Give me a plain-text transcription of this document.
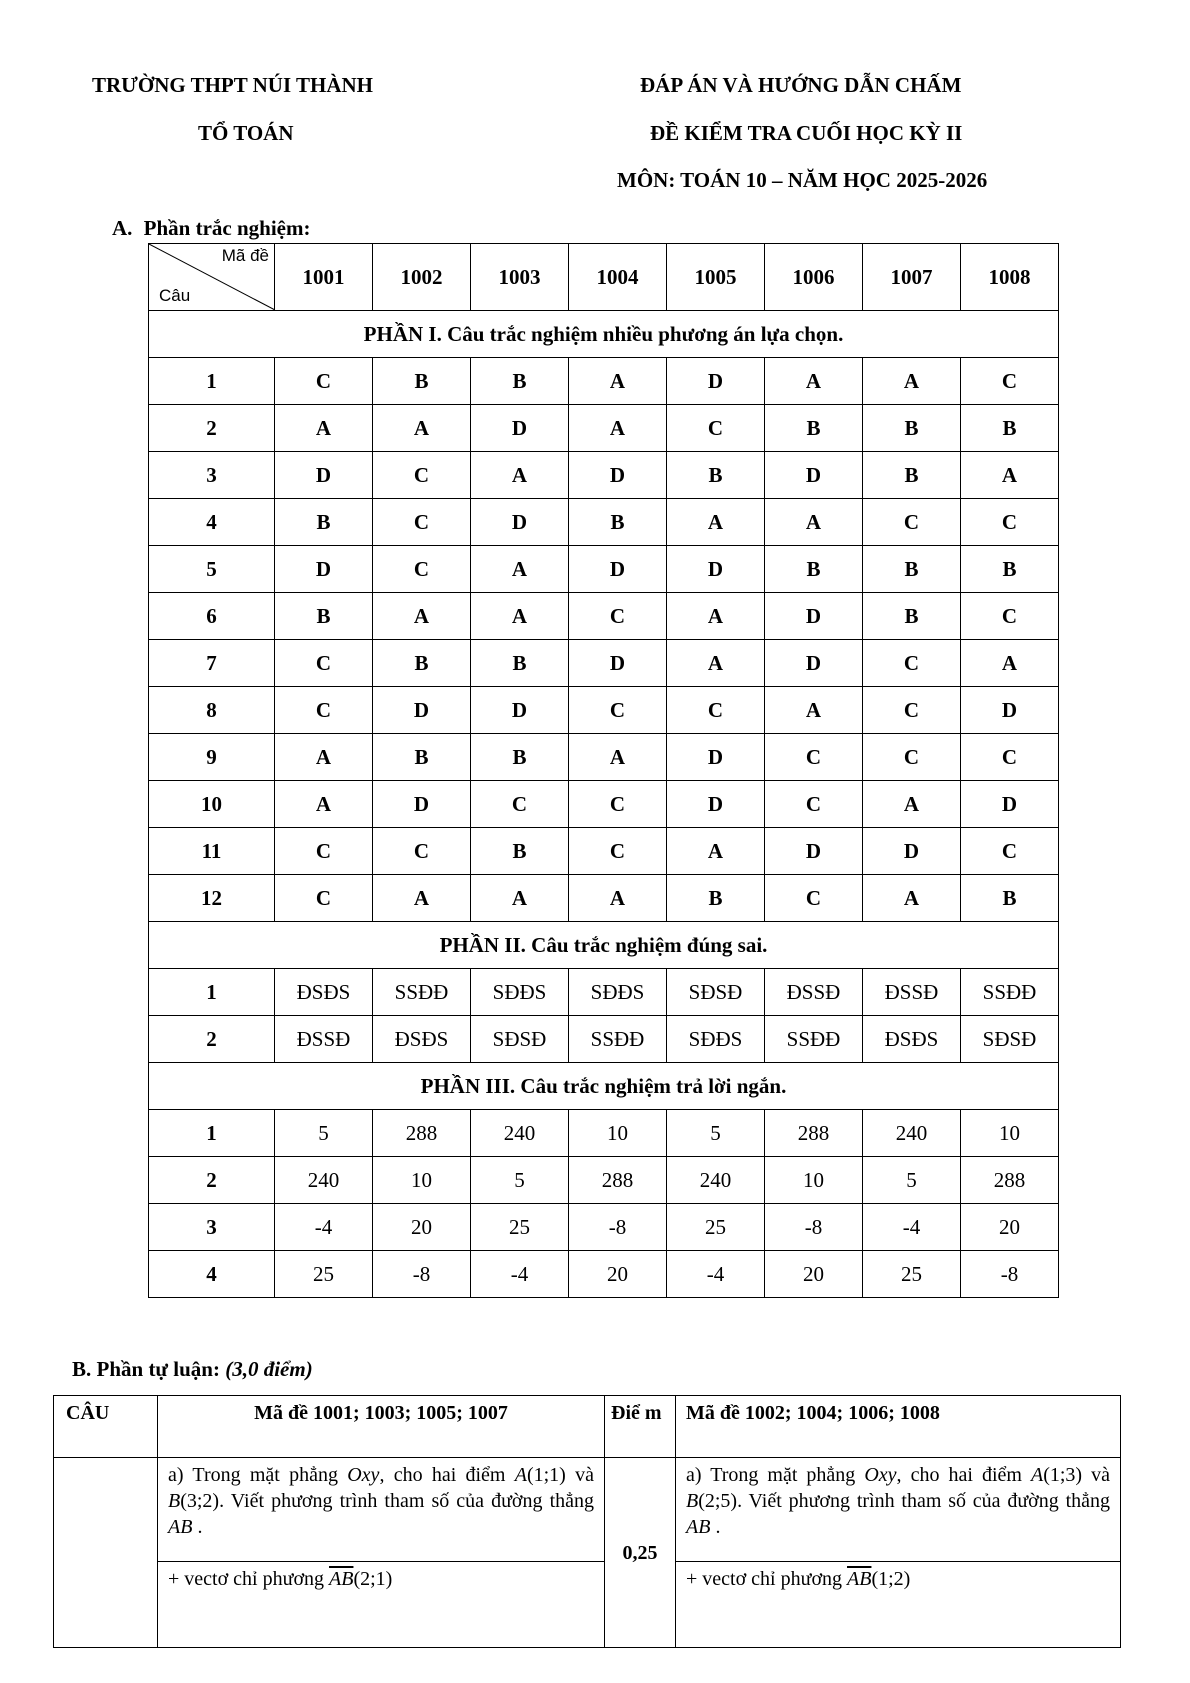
TRƯỜNG THPT NÚI THÀNH
TỔ TOÁN
ĐÁP ÁN VÀ HƯỚNG DẪN CHẤM
ĐỀ KIỂM TRA CUỐI HỌC KỲ II
MÔN: TOÁN 10 – NĂM HỌC 2025-2026
A. Phần trắc nghiệm:
Mã đề
Câu	1001	1002	1003	1004	1005	1006	1007	1008
PHẦN I. Câu trắc nghiệm nhiều phương án lựa chọn.								
1	C	B	B	A	D	A	A	C
2	A	A	D	A	C	B	B	B
3	D	C	A	D	B	D	B	A
4	B	C	D	B	A	A	C	C
5	D	C	A	D	D	B	B	B
6	B	A	A	C	A	D	B	C
7	C	B	B	D	A	D	C	A
8	C	D	D	C	C	A	C	D
9	A	B	B	A	D	C	C	C
10	A	D	C	C	D	C	A	D
11	C	C	B	C	A	D	D	C
12	C	A	A	A	B	C	A	B
PHẦN II. Câu trắc nghiệm đúng sai.								
1	ĐSĐS	SSĐĐ	SĐĐS	SĐĐS	SĐSĐ	ĐSSĐ	ĐSSĐ	SSĐĐ
2	ĐSSĐ	ĐSĐS	SĐSĐ	SSĐĐ	SĐĐS	SSĐĐ	ĐSĐS	SĐSĐ
PHẦN III. Câu trắc nghiệm trả lời ngắn.								
1	5	288	240	10	5	288	240	10
2	240	10	5	288	240	10	5	288
3	-4	20	25	-8	25	-8	-4	20
4	25	-8	-4	20	-4	20	25	-8
B. Phần tự luận: (3,0 điểm)
CÂU	Mã đề 1001; 1003; 1005; 1007	Điể m	Mã đề 1002; 1004; 1006; 1008
	a) Trong mặt phẳng Oxy, cho hai điểm A(1;1) và B(3;2). Viết phương trình tham số của đường thẳng AB .	0,25	a) Trong mặt phẳng Oxy, cho hai điểm A(1;3) và B(2;5). Viết phương trình tham số của đường thẳng AB .
	+ vectơ chỉ phương $\overline{AB}(2;1)$		+ vectơ chỉ phương $\overline{AB}(1;2)$
